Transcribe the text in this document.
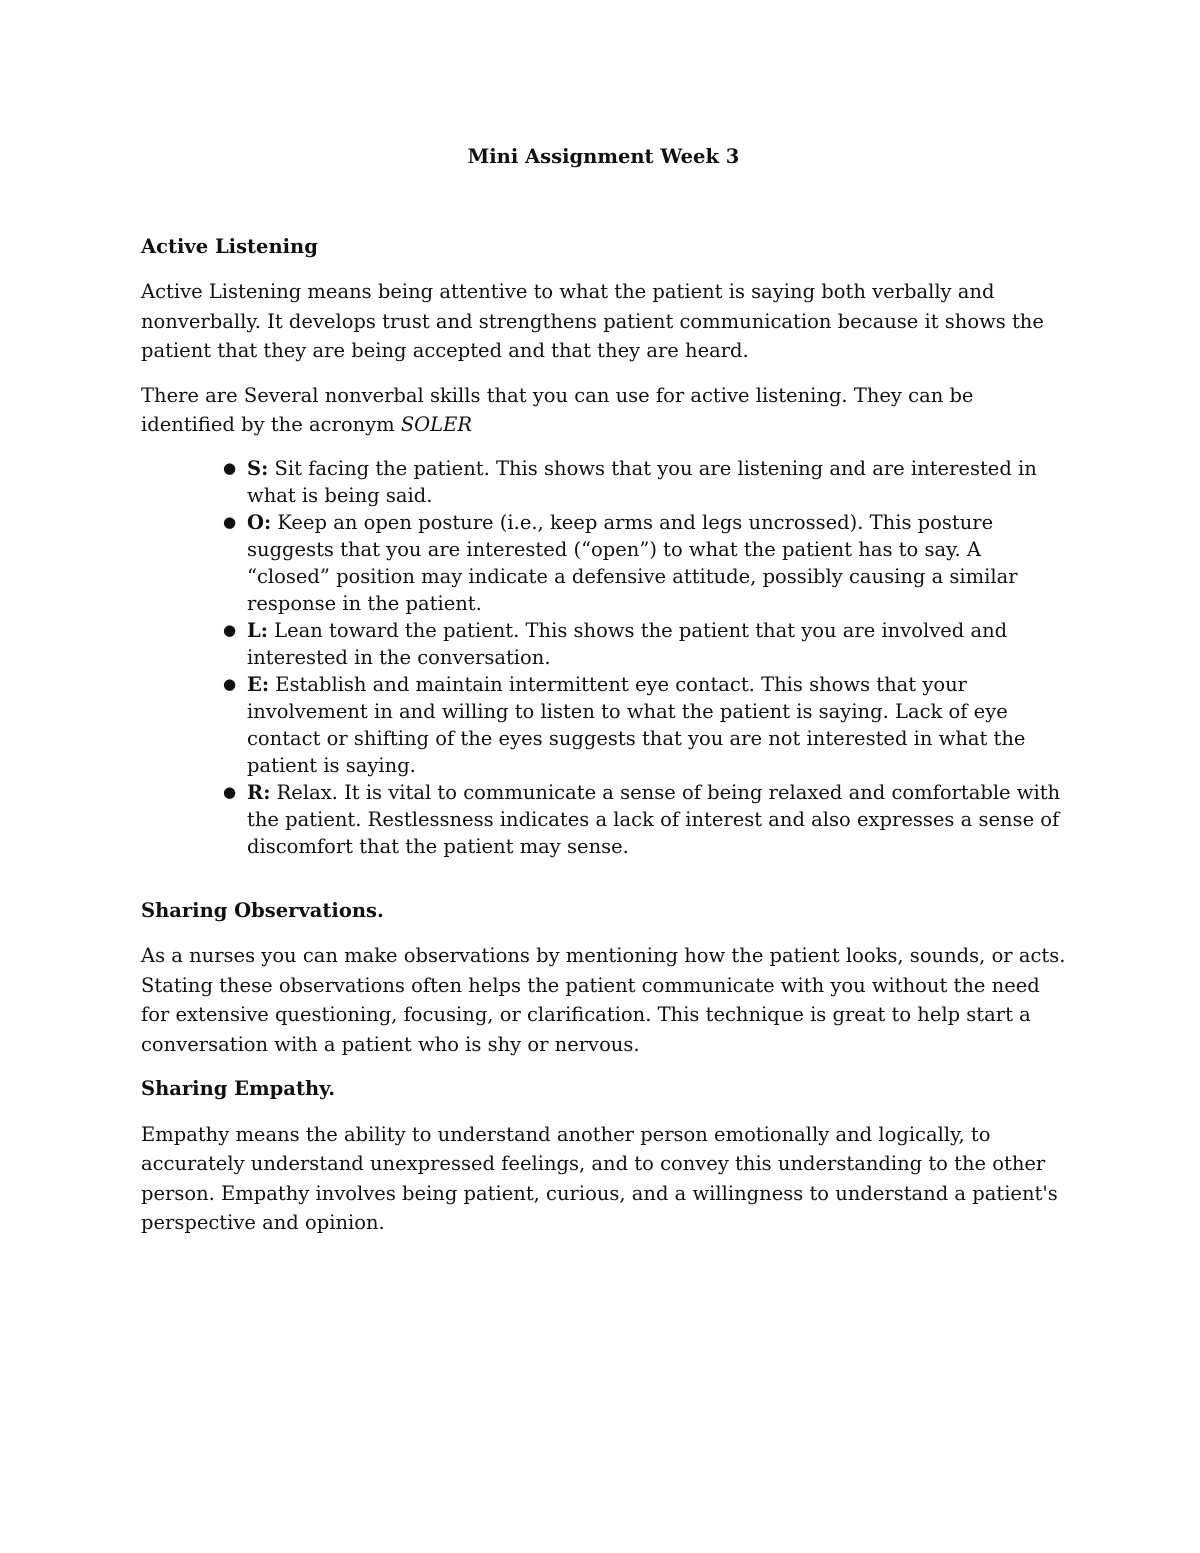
Mini Assignment Week 3
Active Listening

Active Listening means being attentive to what the patient is saying both verbally and nonverbally. It develops trust and strengthens patient communication because it shows the patient that they are being accepted and that they are heard.

There are Several nonverbal skills that you can use for active listening. They can be identified by the acronym SOLER

● S: Sit facing the patient. This shows that you are listening and are interested in what is being said.
● O: Keep an open posture (i.e., keep arms and legs uncrossed). This posture suggests that you are interested (“open”) to what the patient has to say. A “closed” position may indicate a defensive attitude, possibly causing a similar response in the patient.
● L: Lean toward the patient. This shows the patient that you are involved and interested in the conversation.
● E: Establish and maintain intermittent eye contact. This shows that your involvement in and willing to listen to what the patient is saying. Lack of eye contact or shifting of the eyes suggests that you are not interested in what the patient is saying.
● R: Relax. It is vital to communicate a sense of being relaxed and comfortable with the patient. Restlessness indicates a lack of interest and also expresses a sense of discomfort that the patient may sense.
Sharing Observations.

As a nurses you can make observations by mentioning how the patient looks, sounds, or acts. Stating these observations often helps the patient communicate with you without the need for extensive questioning, focusing, or clarification. This technique is great to help start a conversation with a patient who is shy or nervous.

Sharing Empathy.

Empathy means the ability to understand another person emotionally and logically, to accurately understand unexpressed feelings, and to convey this understanding to the other person. Empathy involves being patient, curious, and a willingness to understand a patient's perspective and opinion.
